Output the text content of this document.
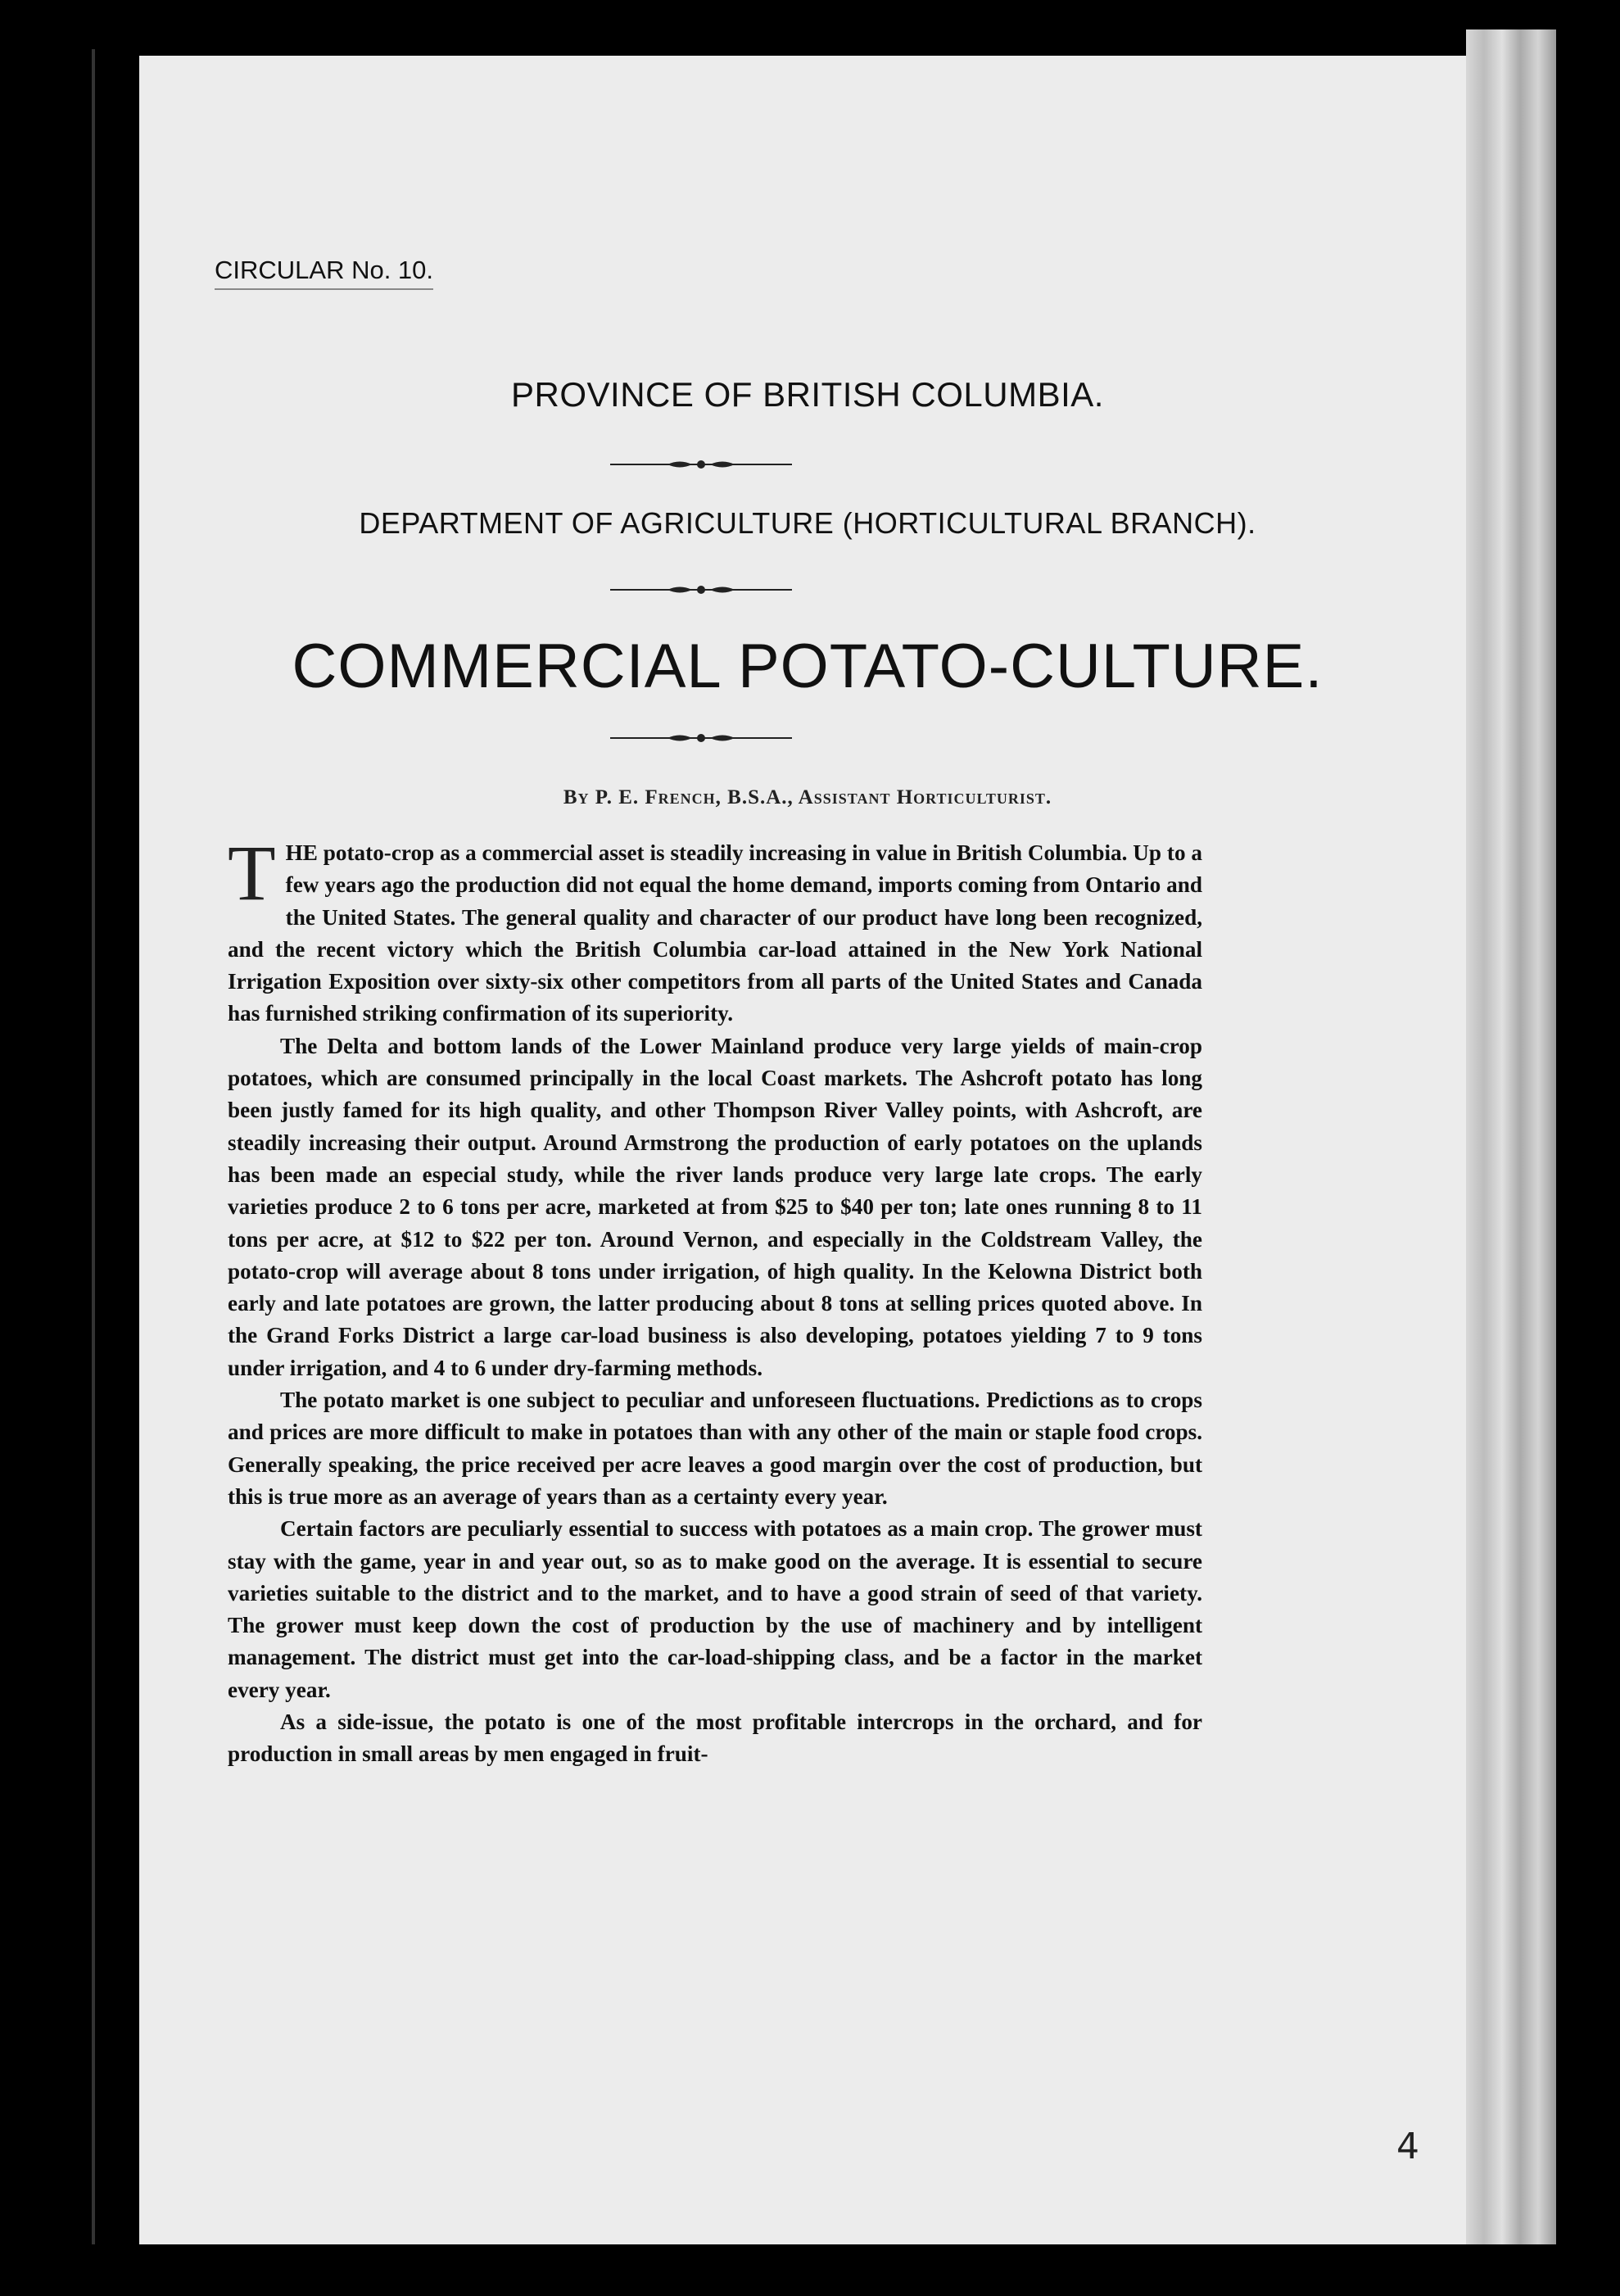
CIRCULAR No. 10.
PROVINCE OF BRITISH COLUMBIA.
DEPARTMENT OF AGRICULTURE (HORTICULTURAL BRANCH).
COMMERCIAL POTATO-CULTURE.
By P. E. French, B.S.A., Assistant Horticulturist.

THE potato-crop as a commercial asset is steadily increasing in value in British Columbia. Up to a few years ago the production did not equal the home demand, imports coming from Ontario and the United States. The general quality and character of our product have long been recognized, and the recent victory which the British Columbia car-load attained in the New York National Irrigation Exposition over sixty-six other competitors from all parts of the United States and Canada has furnished striking confirmation of its superiority.

The Delta and bottom lands of the Lower Mainland produce very large yields of main-crop potatoes, which are consumed principally in the local Coast markets. The Ashcroft potato has long been justly famed for its high quality, and other Thompson River Valley points, with Ashcroft, are steadily increasing their output. Around Armstrong the production of early potatoes on the uplands has been made an especial study, while the river lands produce very large late crops. The early varieties produce 2 to 6 tons per acre, marketed at from $25 to $40 per ton; late ones running 8 to 11 tons per acre, at $12 to $22 per ton. Around Vernon, and especially in the Coldstream Valley, the potato-crop will average about 8 tons under irrigation, of high quality. In the Kelowna District both early and late potatoes are grown, the latter producing about 8 tons at selling prices quoted above. In the Grand Forks District a large car-load business is also developing, potatoes yielding 7 to 9 tons under irrigation, and 4 to 6 under dry-farming methods.

The potato market is one subject to peculiar and unforeseen fluctuations. Predictions as to crops and prices are more difficult to make in potatoes than with any other of the main or staple food crops. Generally speaking, the price received per acre leaves a good margin over the cost of production, but this is true more as an average of years than as a certainty every year.

Certain factors are peculiarly essential to success with potatoes as a main crop. The grower must stay with the game, year in and year out, so as to make good on the average. It is essential to secure varieties suitable to the district and to the market, and to have a good strain of seed of that variety. The grower must keep down the cost of production by the use of machinery and by intelligent management. The district must get into the car-load-shipping class, and be a factor in the market every year.

As a side-issue, the potato is one of the most profitable intercrops in the orchard, and for production in small areas by men engaged in fruit-

4
